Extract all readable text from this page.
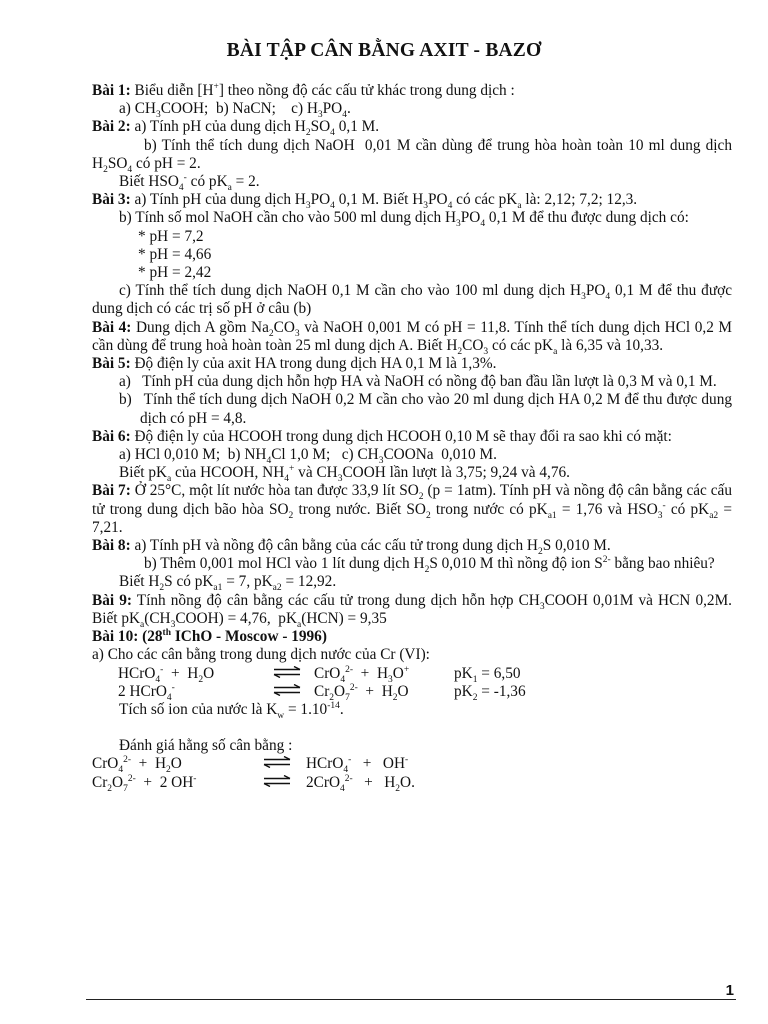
BÀI TẬP CÂN BẰNG AXIT - BAZƠ
Bài 1: Biểu diễn [H+] theo nồng độ các cấu tử khác trong dung dịch :
a) $CH_3COOH$;  b) NaCN;    c) $H_3PO_4$.
Bài 2: a) Tính pH của dung dịch $H_2SO_4$ 0,1 M.
b) Tính thể tích dung dịch NaOH  0,01 M cần dùng để trung hòa hoàn toàn 10 ml dung dịch $H_2SO_4$ có pH = 2.
Biết $HSO_4^-$ có $pK_a = 2$.
Bài 3: a) Tính pH của dung dịch $H_3PO_4$ 0,1 M. Biết $H_3PO_4$ có các $pK_a$ là: 2,12; 7,2; 12,3.
b) Tính số mol NaOH cần cho vào 500 ml dung dịch $H_3PO_4$ 0,1 M để thu được dung dịch có:
* pH = 7,2
* pH = 4,66
* pH = 2,42
c) Tính thể tích dung dịch NaOH 0,1 M cần cho vào 100 ml dung dịch $H_3PO_4$ 0,1 M để thu được dung dịch có các trị số pH ở câu (b)
Bài 4: Dung dịch A gồm $Na_2CO_3$ và NaOH 0,001 M có pH = 11,8. Tính thể tích dung dịch HCl 0,2 M cần dùng để trung hoà hoàn toàn 25 ml dung dịch A. Biết $H_2CO_3$ có các $pK_a$ là 6,35 và 10,33.
Bài 5: Độ điện ly của axit HA trong dung dịch HA 0,1 M là 1,3%.
a)   Tính pH của dung dịch hỗn hợp HA và NaOH có nồng độ ban đầu lần lượt là 0,3 M và 0,1 M.
b)   Tính thể tích dung dịch NaOH 0,2 M cần cho vào 20 ml dung dịch HA 0,2 M để thu được dung dịch có pH = 4,8.
Bài 6: Độ điện ly của HCOOH trong dung dịch HCOOH 0,10 M sẽ thay đổi ra sao khi có mặt:
a) HCl 0,010 M;  b) $NH_4Cl$ 1,0 M;   c) $CH_3COONa$  0,010 M.
Biết $pK_a$ của HCOOH, $NH_4^+$ và $CH_3COOH$ lần lượt là 3,75; 9,24 và 4,76.
Bài 7: Ở 25°C, một lít nước hòa tan được 33,9 lít $SO_2$ (p = 1atm). Tính pH và nồng độ cân bằng các cấu tử trong dung dịch bão hòa $SO_2$ trong nước. Biết $SO_2$ trong nước có $pK_{a1} = 1,76$ và $HSO_3^-$ có $pK_{a2} = 7,21$.
Bài 8: a) Tính pH và nồng độ cân bằng của các cấu tử trong dung dịch $H_2S$ 0,010 M.
b) Thêm 0,001 mol HCl vào 1 lít dung dịch $H_2S$ 0,010 M thì nồng độ ion $S^{2-}$ bằng bao nhiêu?
Biết $H_2S$ có $pK_{a1} = 7$, $pK_{a2} = 12,92$.
Bài 9: Tính nồng độ cân bằng các cấu tử trong dung dịch hỗn hợp $CH_3COOH$ 0,01M và HCN 0,2M. Biết $pK_a(CH_3COOH) = 4,76$,  $pK_a(HCN) = 9,35$
Bài 10: (28th IChO - Moscow - 1996)
a) Cho các cân bằng trong dung dịch nước của Cr (VI):
HCrO$_4$-  +  $H_2O$	⇌ $CrO_4^{2-} + H_3O^+$	$pK_1 = 6,50$
2 HCrO$_4$-	⇌ $Cr_2O_7^{2-} + H_2O$	$pK_2 = -1,36$
Tích số ion của nước là $K_w = 1.10^{-14}$.
Đánh giá hằng số cân bằng :
$CrO_4^{2-} + H_2O$	⇌ HCrO$_4$-   +   OH-
$Cr_2O_7^{2-} + 2$ OH-	⇌ $2CrO_4^{2-} + H_2O$.
1
